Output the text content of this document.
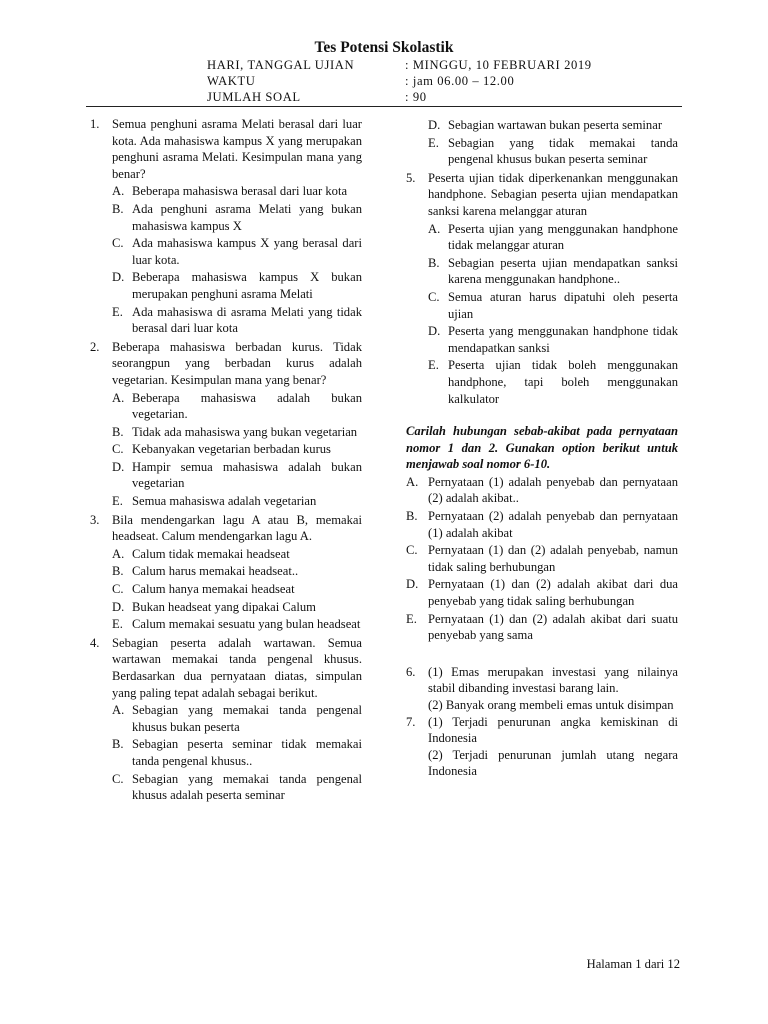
Tes Potensi Skolastik
HARI, TANGGAL UJIAN	: MINGGU, 10 FEBRUARI 2019
WAKTU	: jam 06.00 – 12.00
JUMLAH SOAL	: 90
1. Semua penghuni asrama Melati berasal dari luar kota. Ada mahasiswa kampus X yang merupakan penghuni asrama Melati. Kesimpulan mana yang benar?
A. Beberapa mahasiswa berasal dari luar kota
B. Ada penghuni asrama Melati yang bukan mahasiswa kampus X
C. Ada mahasiswa kampus X yang berasal dari luar kota.
D. Beberapa mahasiswa kampus X bukan merupakan penghuni asrama Melati
E. Ada mahasiswa di asrama Melati yang tidak berasal dari luar kota
2. Beberapa mahasiswa berbadan kurus. Tidak seorangpun yang berbadan kurus adalah vegetarian. Kesimpulan mana yang benar?
A. Beberapa mahasiswa adalah bukan vegetarian.
B. Tidak ada mahasiswa yang bukan vegetarian
C. Kebanyakan vegetarian berbadan kurus
D. Hampir semua mahasiswa adalah bukan vegetarian
E. Semua mahasiswa adalah vegetarian
3. Bila mendengarkan lagu A atau B, memakai headseat. Calum mendengarkan lagu A.
A. Calum tidak memakai headseat
B. Calum harus memakai headseat..
C. Calum hanya memakai headseat
D. Bukan headseat yang dipakai Calum
E. Calum memakai sesuatu yang bulan headseat
4. Sebagian peserta adalah wartawan. Semua wartawan memakai tanda pengenal khusus. Berdasarkan dua pernyataan diatas, simpulan yang paling tepat adalah sebagai berikut.
A. Sebagian yang memakai tanda pengenal khusus bukan peserta
B. Sebagian peserta seminar tidak memakai tanda pengenal khusus..
C. Sebagian yang memakai tanda pengenal khusus adalah peserta seminar
D. Sebagian wartawan bukan peserta seminar
E. Sebagian yang tidak memakai tanda pengenal khusus bukan peserta seminar
5. Peserta ujian tidak diperkenankan menggunakan handphone. Sebagian peserta ujian mendapatkan sanksi karena melanggar aturan
A. Peserta ujian yang menggunakan handphone tidak melanggar aturan
B. Sebagian peserta ujian mendapatkan sanksi karena menggunakan handphone..
C. Semua aturan harus dipatuhi oleh peserta ujian
D. Peserta yang menggunakan handphone tidak mendapatkan sanksi
E. Peserta ujian tidak boleh menggunakan handphone, tapi boleh menggunakan kalkulator
Carilah hubungan sebab-akibat pada pernyataan nomor 1 dan 2. Gunakan option berikut untuk menjawab soal nomor 6-10.
A. Pernyataan (1) adalah penyebab dan pernyataan (2) adalah akibat..
B. Pernyataan (2) adalah penyebab dan pernyataan (1) adalah akibat
C. Pernyataan (1) dan (2) adalah penyebab, namun tidak saling berhubungan
D. Pernyataan (1) dan (2) adalah akibat dari dua penyebab yang tidak saling berhubungan
E. Pernyataan (1) dan (2) adalah akibat dari suatu penyebab yang sama
6. (1) Emas merupakan investasi yang nilainya stabil dibanding investasi barang lain.
(2) Banyak orang membeli emas untuk disimpan
7. (1) Terjadi penurunan angka kemiskinan di Indonesia
(2) Terjadi penurunan jumlah utang negara Indonesia
Halaman 1 dari 12
